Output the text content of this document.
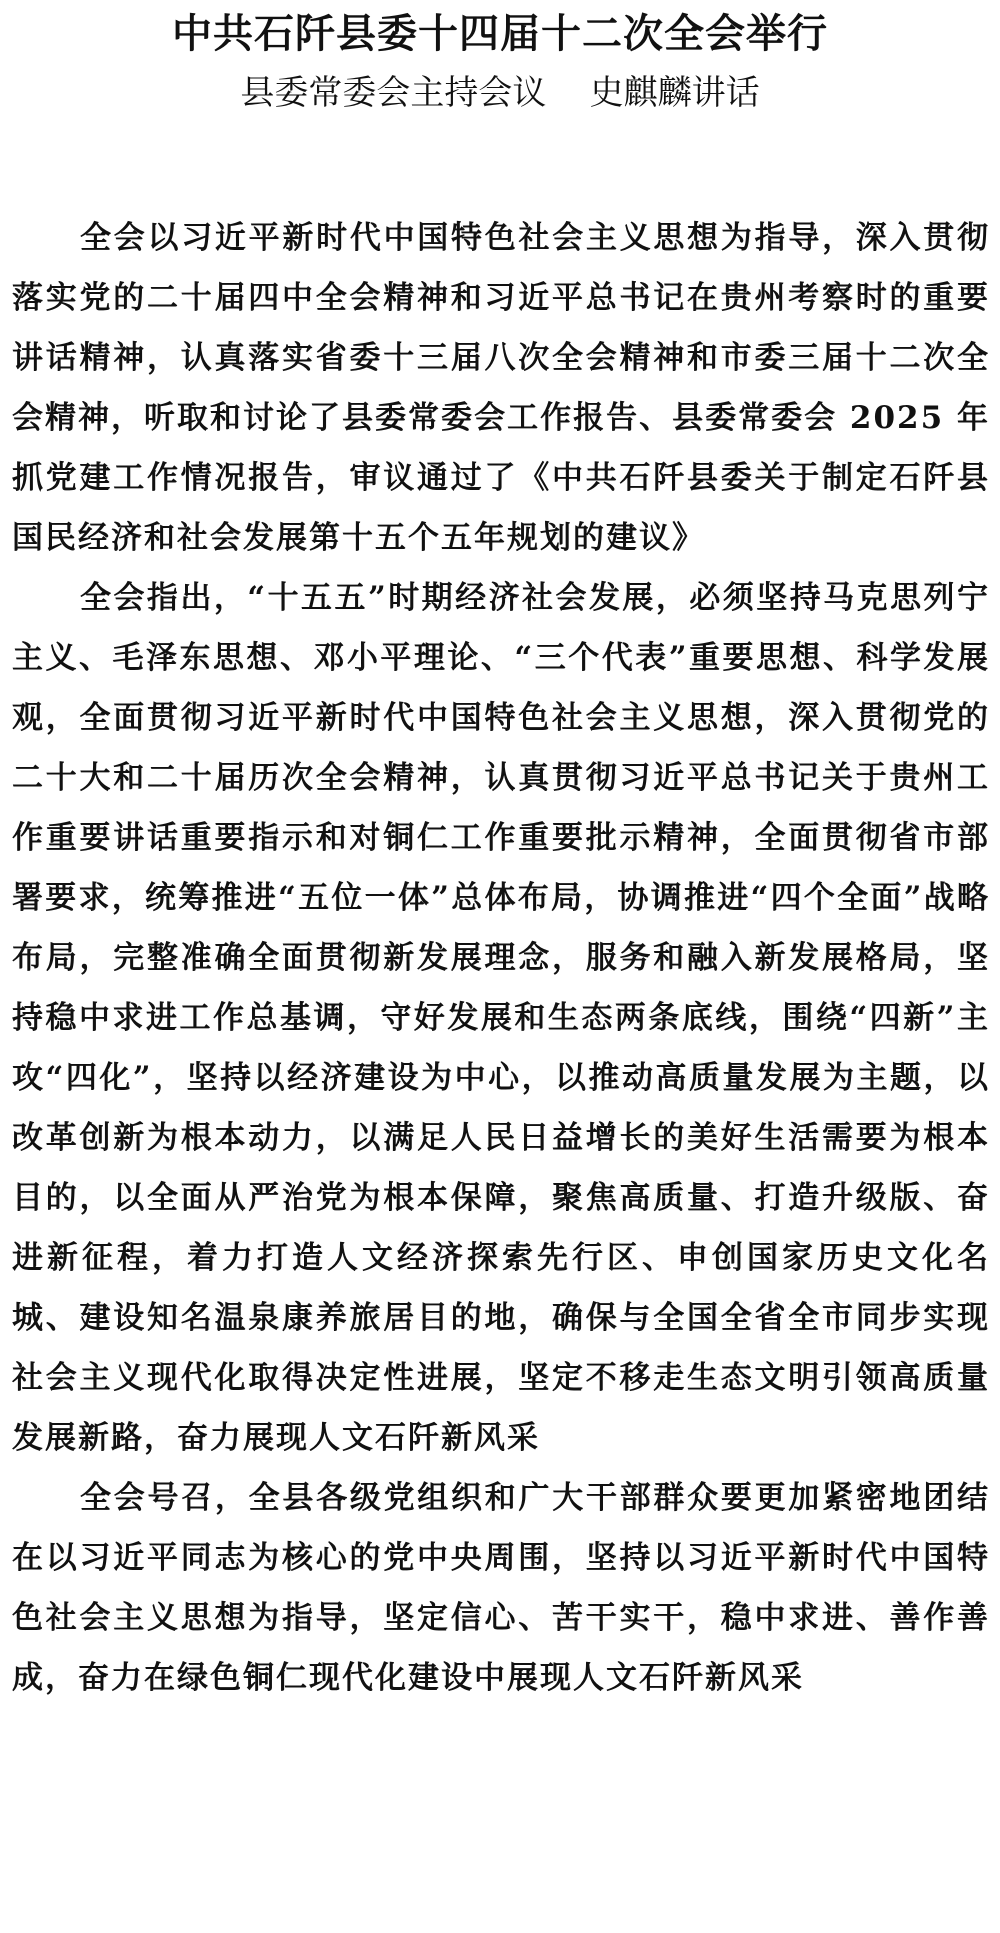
中共石阡县委十四届十二次全会举行
县委常委会主持会议    史麒麟讲话

全会以习近平新时代中国特色社会主义思想为指导，深入贯彻落实党的二十届四中全会精神和习近平总书记在贵州考察时的重要讲话精神，认真落实省委十三届八次全会精神和市委三届十二次全会精神，听取和讨论了县委常委会工作报告、县委常委会 2025 年抓党建工作情况报告，审议通过了《中共石阡县委关于制定石阡县国民经济和社会发展第十五个五年规划的建议》

全会指出，“十五五”时期经济社会发展，必须坚持马克思列宁主义、毛泽东思想、邓小平理论、“三个代表”重要思想、科学发展观，全面贯彻习近平新时代中国特色社会主义思想，深入贯彻党的二十大和二十届历次全会精神，认真贯彻习近平总书记关于贵州工作重要讲话重要指示和对铜仁工作重要批示精神，全面贯彻省市部署要求，统筹推进“五位一体”总体布局，协调推进“四个全面”战略布局，完整准确全面贯彻新发展理念，服务和融入新发展格局，坚持稳中求进工作总基调，守好发展和生态两条底线，围绕“四新”主攻“四化”，坚持以经济建设为中心，以推动高质量发展为主题，以改革创新为根本动力，以满足人民日益增长的美好生活需要为根本目的，以全面从严治党为根本保障，聚焦高质量、打造升级版、奋进新征程，着力打造人文经济探索先行区、申创国家历史文化名城、建设知名温泉康养旅居目的地，确保与全国全省全市同步实现社会主义现代化取得决定性进展，坚定不移走生态文明引领高质量发展新路，奋力展现人文石阡新风采

全会号召，全县各级党组织和广大干部群众要更加紧密地团结在以习近平同志为核心的党中央周围，坚持以习近平新时代中国特色社会主义思想为指导，坚定信心、苦干实干，稳中求进、善作善成，奋力在绿色铜仁现代化建设中展现人文石阡新风采
